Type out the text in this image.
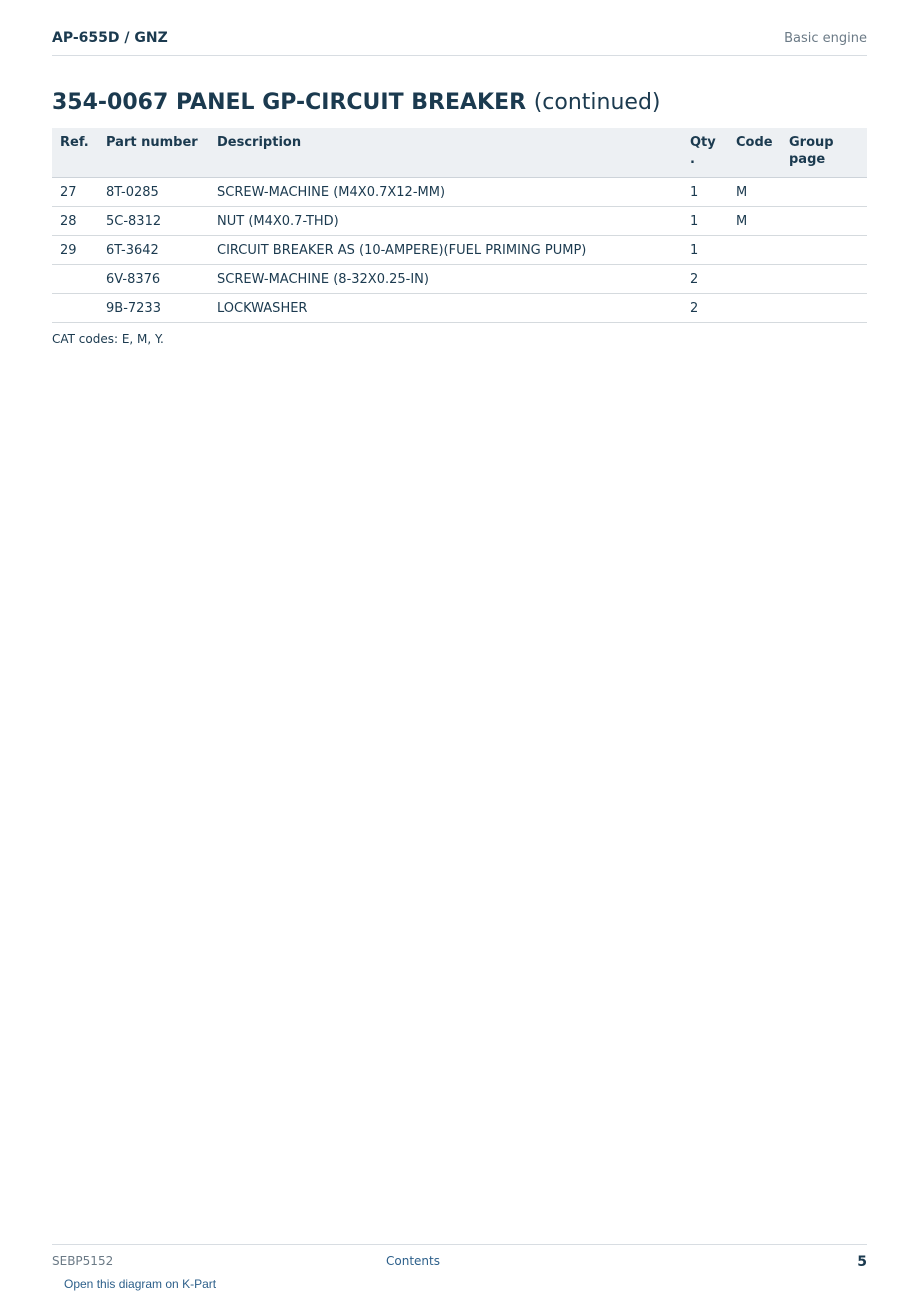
AP-655D / GNZ	Basic engine
354-0067 PANEL GP-CIRCUIT BREAKER (continued)
Ref.	Part number	Description	Qty .	Code	Group page
27	8T-0285	SCREW-MACHINE (M4X0.7X12-MM)	1	M	
28	5C-8312	NUT (M4X0.7-THD)	1	M	
29	6T-3642	CIRCUIT BREAKER AS (10-AMPERE)(FUEL PRIMING PUMP)	1		
	6V-8376	SCREW-MACHINE (8-32X0.25-IN)	2		
	9B-7233	LOCKWASHER	2		
CAT codes: E, M, Y.
SEBP5152	Contents	5
Open this diagram on K-Part
